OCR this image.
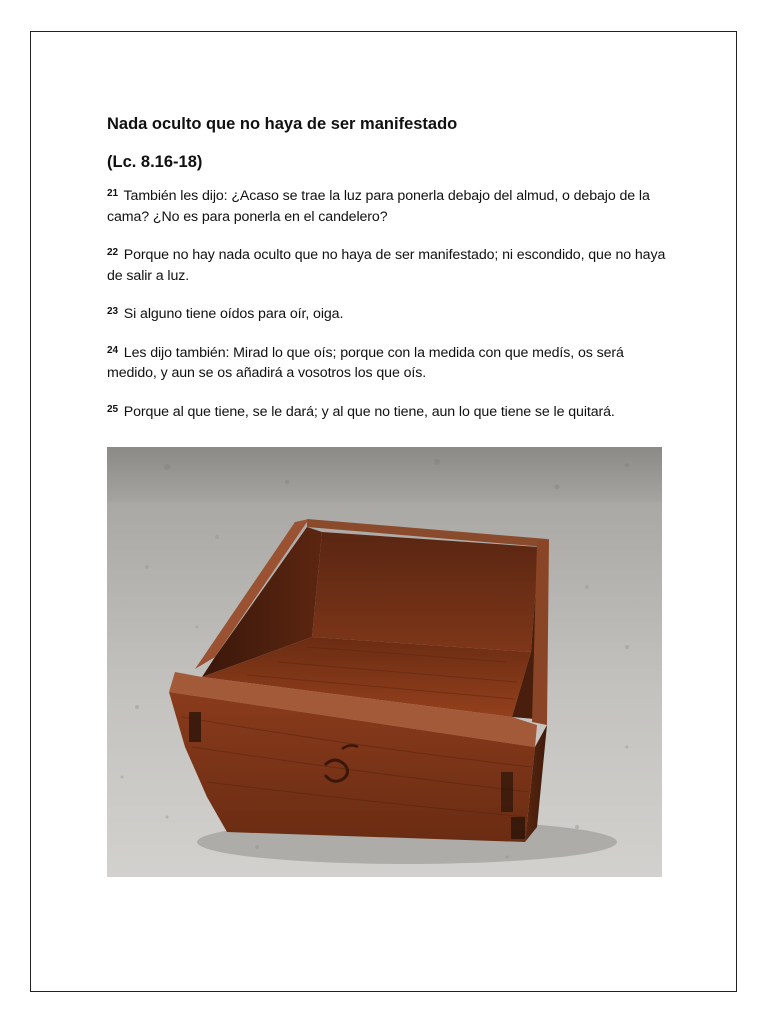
Nada oculto que no haya de ser manifestado

(Lc. 8.16-18)

$^{21}$ También les dijo: ¿Acaso se trae la luz para ponerla debajo del almud, o debajo de la cama? ¿No es para ponerla en el candelero?

$^{22}$ Porque no hay nada oculto que no haya de ser manifestado; ni escondido, que no haya de salir a luz.

$^{23}$ Si alguno tiene oídos para oír, oiga.

$^{24}$ Les dijo también: Mirad lo que oís; porque con la medida con que medís, os será medido, y aun se os añadirá a vosotros los que oís.

$^{25}$ Porque al que tiene, se le dará; y al que no tiene, aun lo que tiene se le quitará.
